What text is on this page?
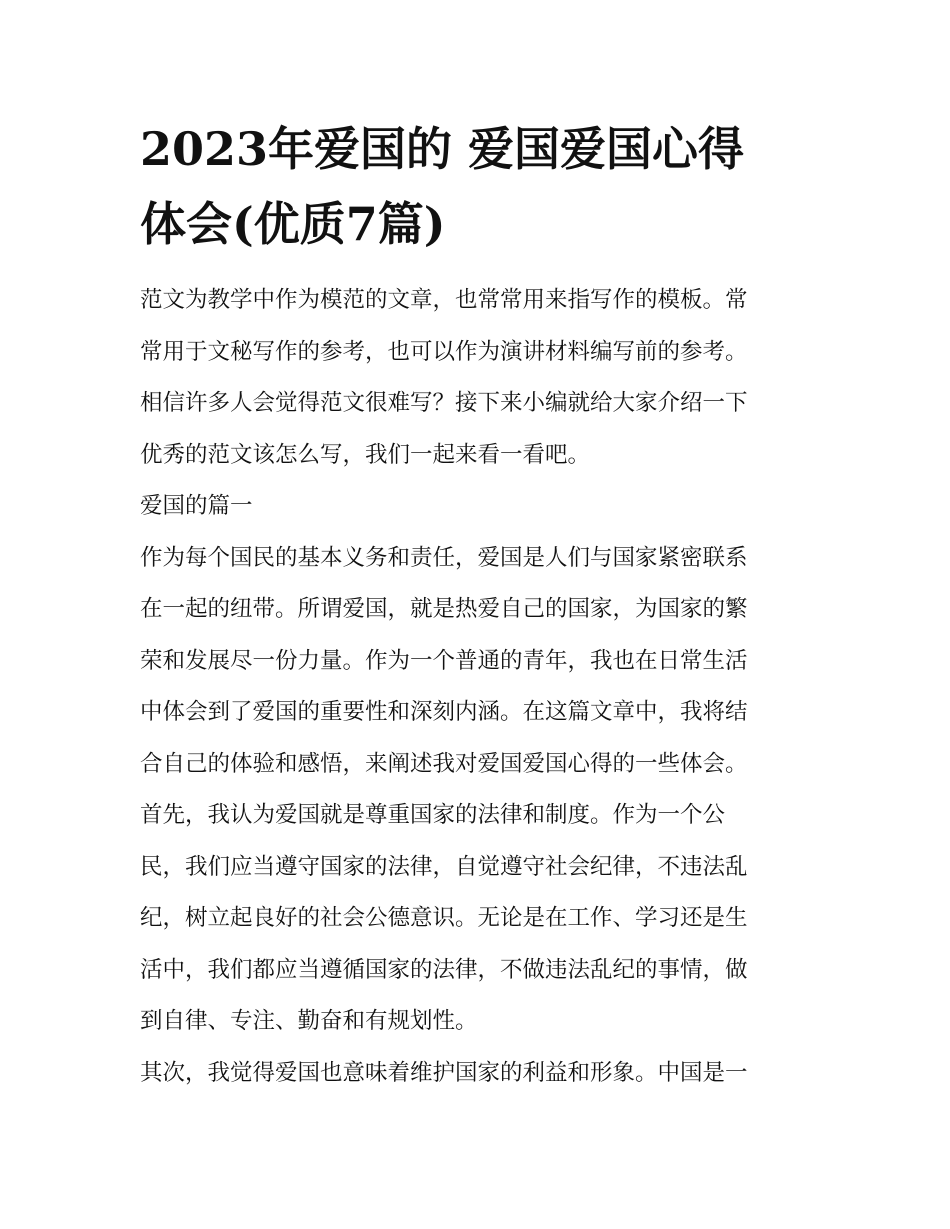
2023年爱国的 爱国爱国心得
体会(优质7篇)

范文为教学中作为模范的文章，也常常用来指写作的模板。常
常用于文秘写作的参考，也可以作为演讲材料编写前的参考。
相信许多人会觉得范文很难写？接下来小编就给大家介绍一下
优秀的范文该怎么写，我们一起来看一看吧。

爱国的篇一

作为每个国民的基本义务和责任，爱国是人们与国家紧密联系
在一起的纽带。所谓爱国，就是热爱自己的国家，为国家的繁
荣和发展尽一份力量。作为一个普通的青年，我也在日常生活
中体会到了爱国的重要性和深刻内涵。在这篇文章中，我将结
合自己的体验和感悟，来阐述我对爱国爱国心得的一些体会。

首先，我认为爱国就是尊重国家的法律和制度。作为一个公
民，我们应当遵守国家的法律，自觉遵守社会纪律，不违法乱
纪，树立起良好的社会公德意识。无论是在工作、学习还是生
活中，我们都应当遵循国家的法律，不做违法乱纪的事情，做
到自律、专注、勤奋和有规划性。

其次，我觉得爱国也意味着维护国家的利益和形象。中国是一
